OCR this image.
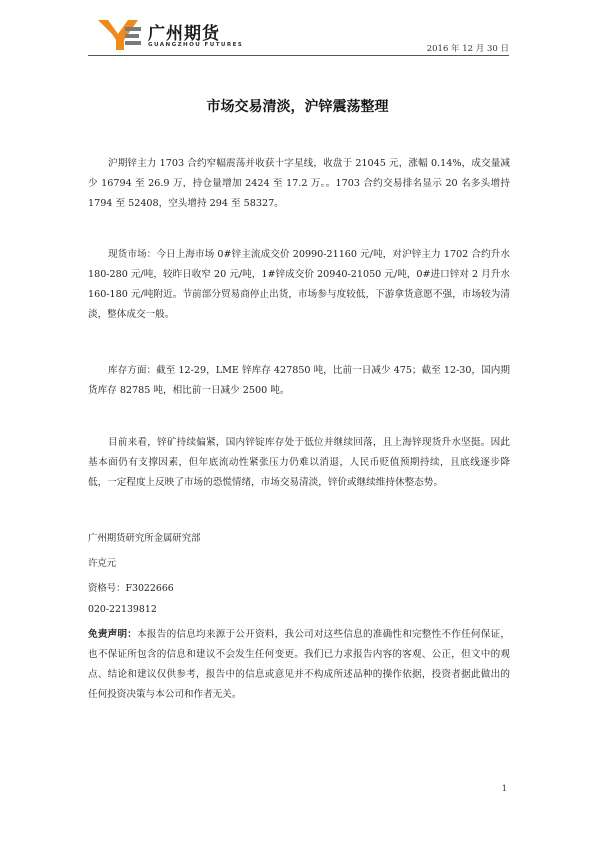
广州期货
GUANGZHOU FUTURES	2016 年 12 月 30 日
市场交易清淡，沪锌震荡整理
沪期锌主力 1703 合约窄幅震荡并收获十字星线，收盘于 21045 元，涨幅 0.14%，成交量减少 16794 至 26.9 万，持仓量增加 2424 至 17.2 万。。1703 合约交易排名显示 20 名多头增持 1794 至 52408，空头增持 294 至 58327。
现货市场：今日上海市场 0#锌主流成交价 20990-21160 元/吨，对沪锌主力 1702 合约升水 180-280 元/吨，较昨日收窄 20 元/吨，1#锌成交价 20940-21050 元/吨，0#进口锌对 2 月升水 160-180 元/吨附近。节前部分贸易商停止出货，市场参与度较低，下游拿货意愿不强，市场较为清淡，整体成交一般。
库存方面：截至 12-29，LME 锌库存 427850 吨，比前一日减少 475；截至 12-30，国内期货库存 82785 吨，相比前一日减少 2500 吨。
目前来看，锌矿持续偏紧，国内锌锭库存处于低位并继续回落，且上海锌现货升水坚挺。因此基本面仍有支撑因素，但年底流动性紧张压力仍难以消退，人民币贬值预期持续，且底线逐步降低，一定程度上反映了市场的恐慌情绪，市场交易清淡，锌价或继续维持休整态势。
广州期货研究所金属研究部
许克元
资格号：F3022666
020-22139812
免责声明：本报告的信息均来源于公开资料，我公司对这些信息的准确性和完整性不作任何保证，也不保证所包含的信息和建议不会发生任何变更。我们已力求报告内容的客观、公正，但文中的观点、结论和建议仅供参考，报告中的信息或意见并不构成所述品种的操作依据，投资者据此做出的任何投资决策与本公司和作者无关。
1
